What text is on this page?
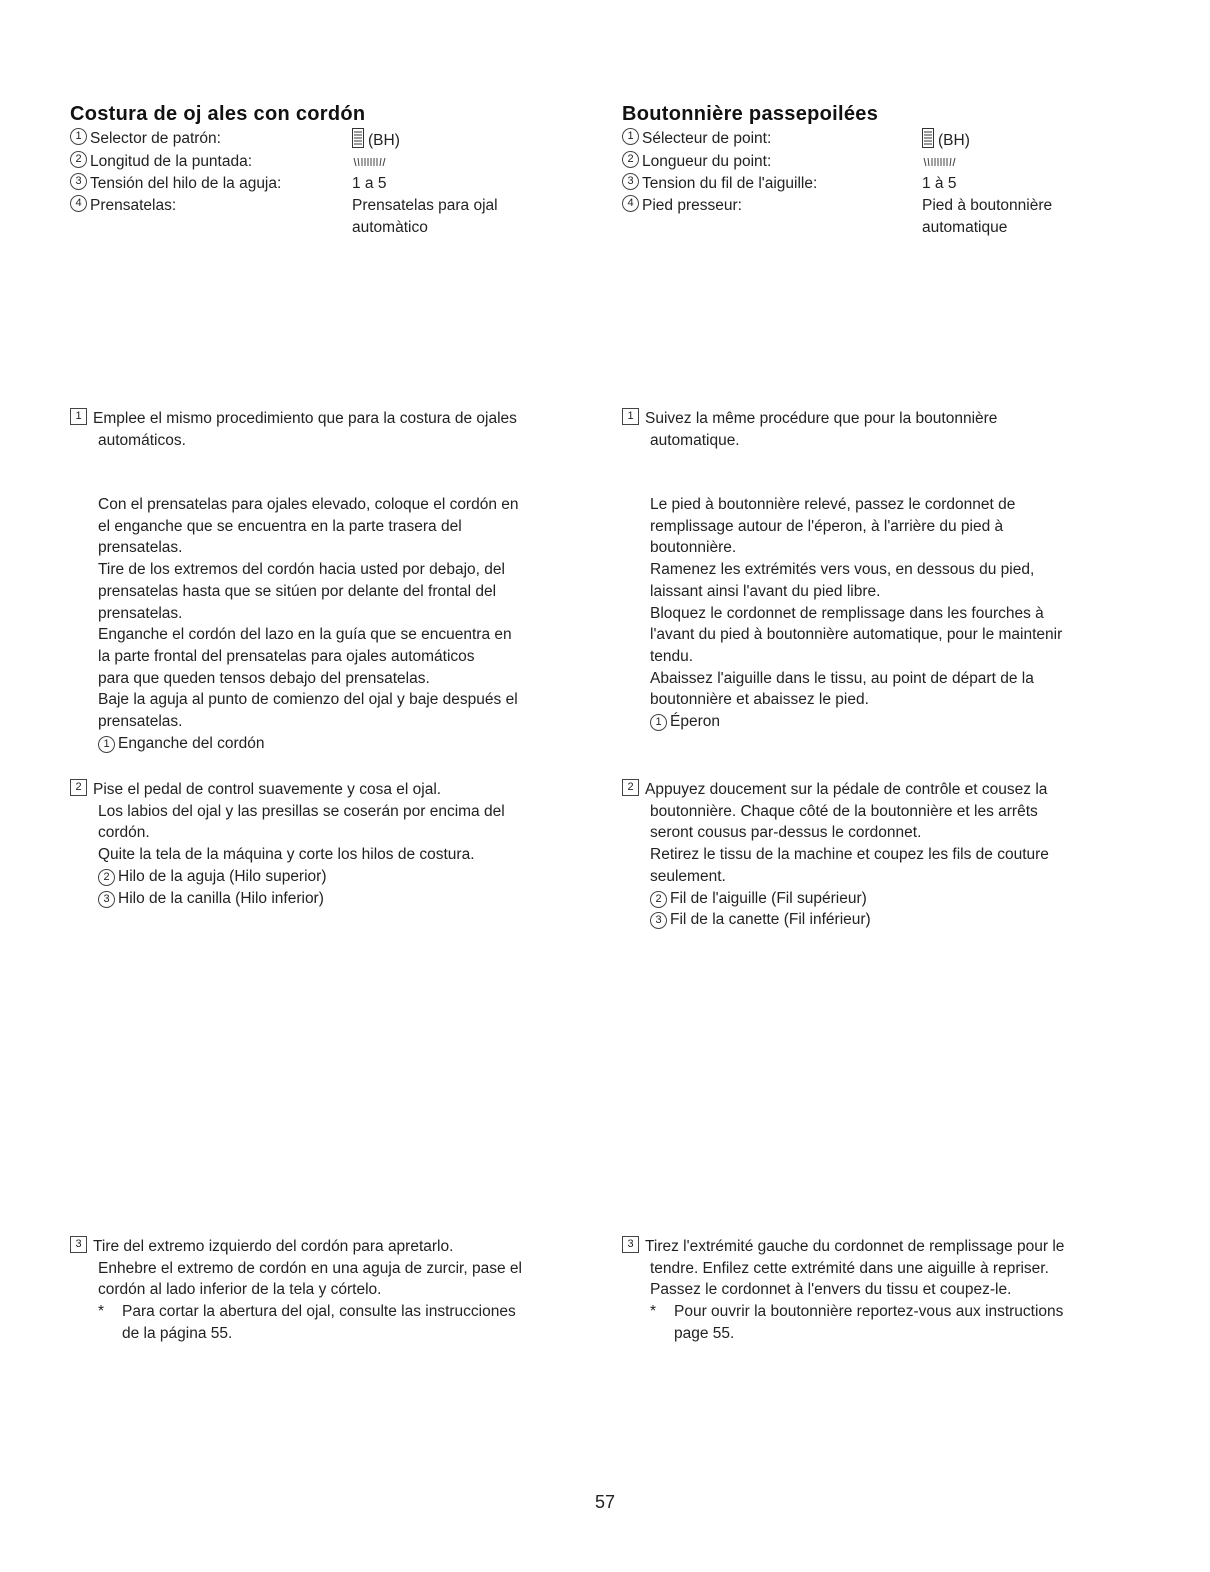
Costura de oj ales con cordón
1 Selector de patrón:	(BH)
2 Longitud de la puntada:
3 Tensión del hilo de la aguja:	1 a 5
4 Prensatelas:	Prensatelas para ojal
automàtico
1 Emplee el mismo procedimiento que para la costura de ojales
automáticos.
Con el prensatelas para ojales elevado, coloque el cordón en
el enganche que se encuentra en la parte trasera del
prensatelas.
Tire de los extremos del cordón hacia usted por debajo, del
prensatelas hasta que se sitúen por delante del frontal del
prensatelas.
Enganche el cordón del lazo en la guía que se encuentra en
la parte frontal del prensatelas para ojales automáticos
para que queden tensos debajo del prensatelas.
Baje la aguja al punto de comienzo del ojal y baje después el
prensatelas.
1 Enganche del cordón
2 Pise el pedal de control suavemente y cosa el ojal.
Los labios del ojal y las presillas se coserán por encima del
cordón.
Quite la tela de la máquina y corte los hilos de costura.
2 Hilo de la aguja (Hilo superior)
3 Hilo de la canilla (Hilo inferior)
3 Tire del extremo izquierdo del cordón para apretarlo.
Enhebre el extremo de cordón en una aguja de zurcir, pase el
cordón al lado inferior de la tela y córtelo.
*	Para cortar la abertura del ojal, consulte las instrucciones
de la página 55.
Boutonnière passepoilées
1 Sélecteur de point:	(BH)
2 Longueur du point:
3 Tension du fil de l'aiguille:	1 à 5
4 Pied presseur:	Pied à boutonnière
automatique
1 Suivez la même procédure que pour la boutonnière
automatique.
Le pied à boutonnière relevé, passez le cordonnet de
remplissage autour de l'éperon, à l'arrière du pied à
boutonnière.
Ramenez les extrémités vers vous, en dessous du pied,
laissant ainsi l'avant du pied libre.
Bloquez le cordonnet de remplissage dans les fourches à
l'avant du pied à boutonnière automatique, pour le maintenir
tendu.
Abaissez l'aiguille dans le tissu, au point de départ de la
boutonnière et abaissez le pied.
1 Éperon
2 Appuyez doucement sur la pédale de contrôle et cousez la
boutonnière. Chaque côté de la boutonnière et les arrêts
seront cousus par-dessus le cordonnet.
Retirez le tissu de la machine et coupez les fils de couture
seulement.
2 Fil de l'aiguille (Fil supérieur)
3 Fil de la canette (Fil inférieur)
3 Tirez l'extrémité gauche du cordonnet de remplissage pour le
tendre. Enfilez cette extrémité dans une aiguille à repriser.
Passez le cordonnet à l'envers du tissu et coupez-le.
*	Pour ouvrir la boutonnière reportez-vous aux instructions
page 55.
57
